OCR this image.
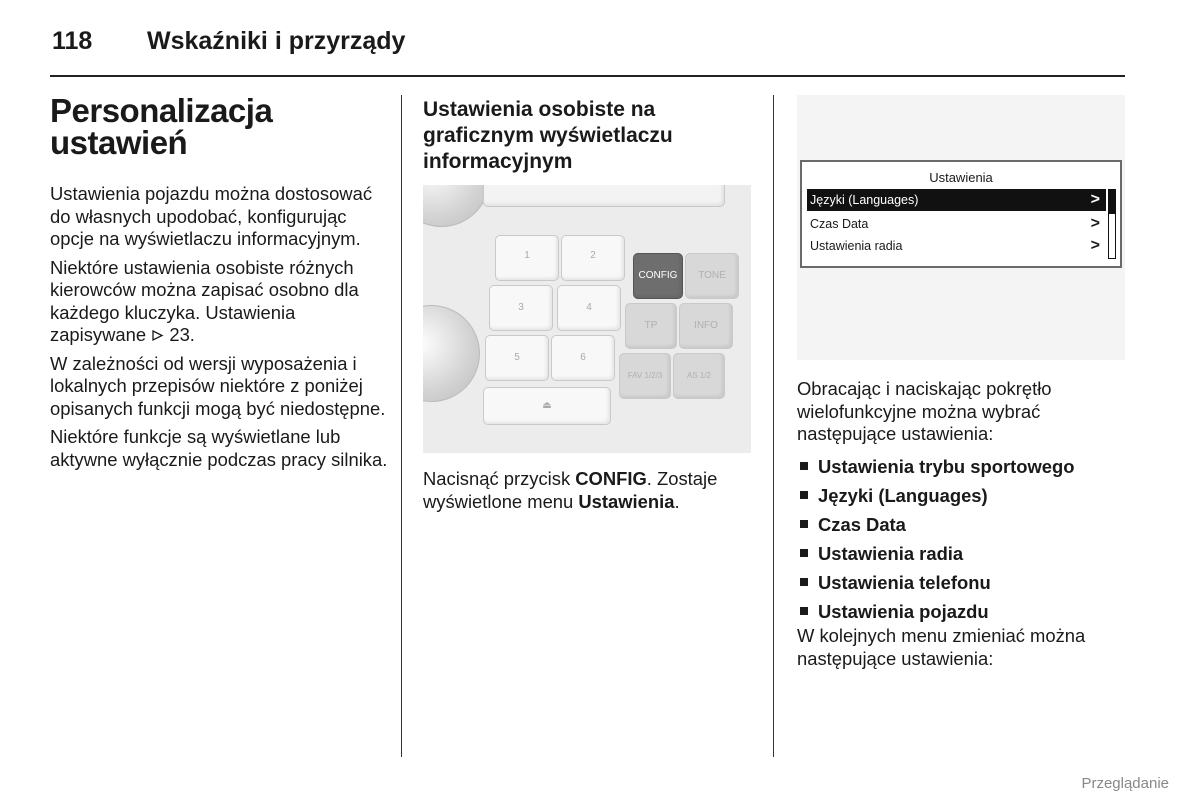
118 Wskaźniki i przyrządy
Personalizacja ustawień

Ustawienia pojazdu można dostosować do własnych upodobać, konfigurując opcje na wyświetlaczu informacyjnym.

Niektóre ustawienia osobiste różnych kierowców można zapisać osobno dla każdego kluczyka. Ustawienia zapisywane 23.

W zależności od wersji wyposażenia i lokalnych przepisów niektóre z poniżej opisanych funkcji mogą być niedostępne.

Niektóre funkcje są wyświetlane lub aktywne wyłącznie podczas pracy silnika.

Ustawienia osobiste na graficznym wyświetlaczu informacyjnym
1	2
3	4
5	6
⏏
CONFIG	TONE
TP	INFO
FAV 1/2/3	AS 1/2
Nacisnąć przycisk CONFIG. Zostaje wyświetlone menu Ustawienia.
Ustawienia
Języki (Languages)	>
Czas Data	>
Ustawienia radia	>
Obracając i naciskając pokrętło wielofunkcyjne można wybrać następujące ustawienia:
Ustawienia trybu sportowego
Języki (Languages)
Czas Data
Ustawienia radia
Ustawienia telefonu
Ustawienia pojazdu
W kolejnych menu zmieniać można następujące ustawienia:
Przeglądanie
